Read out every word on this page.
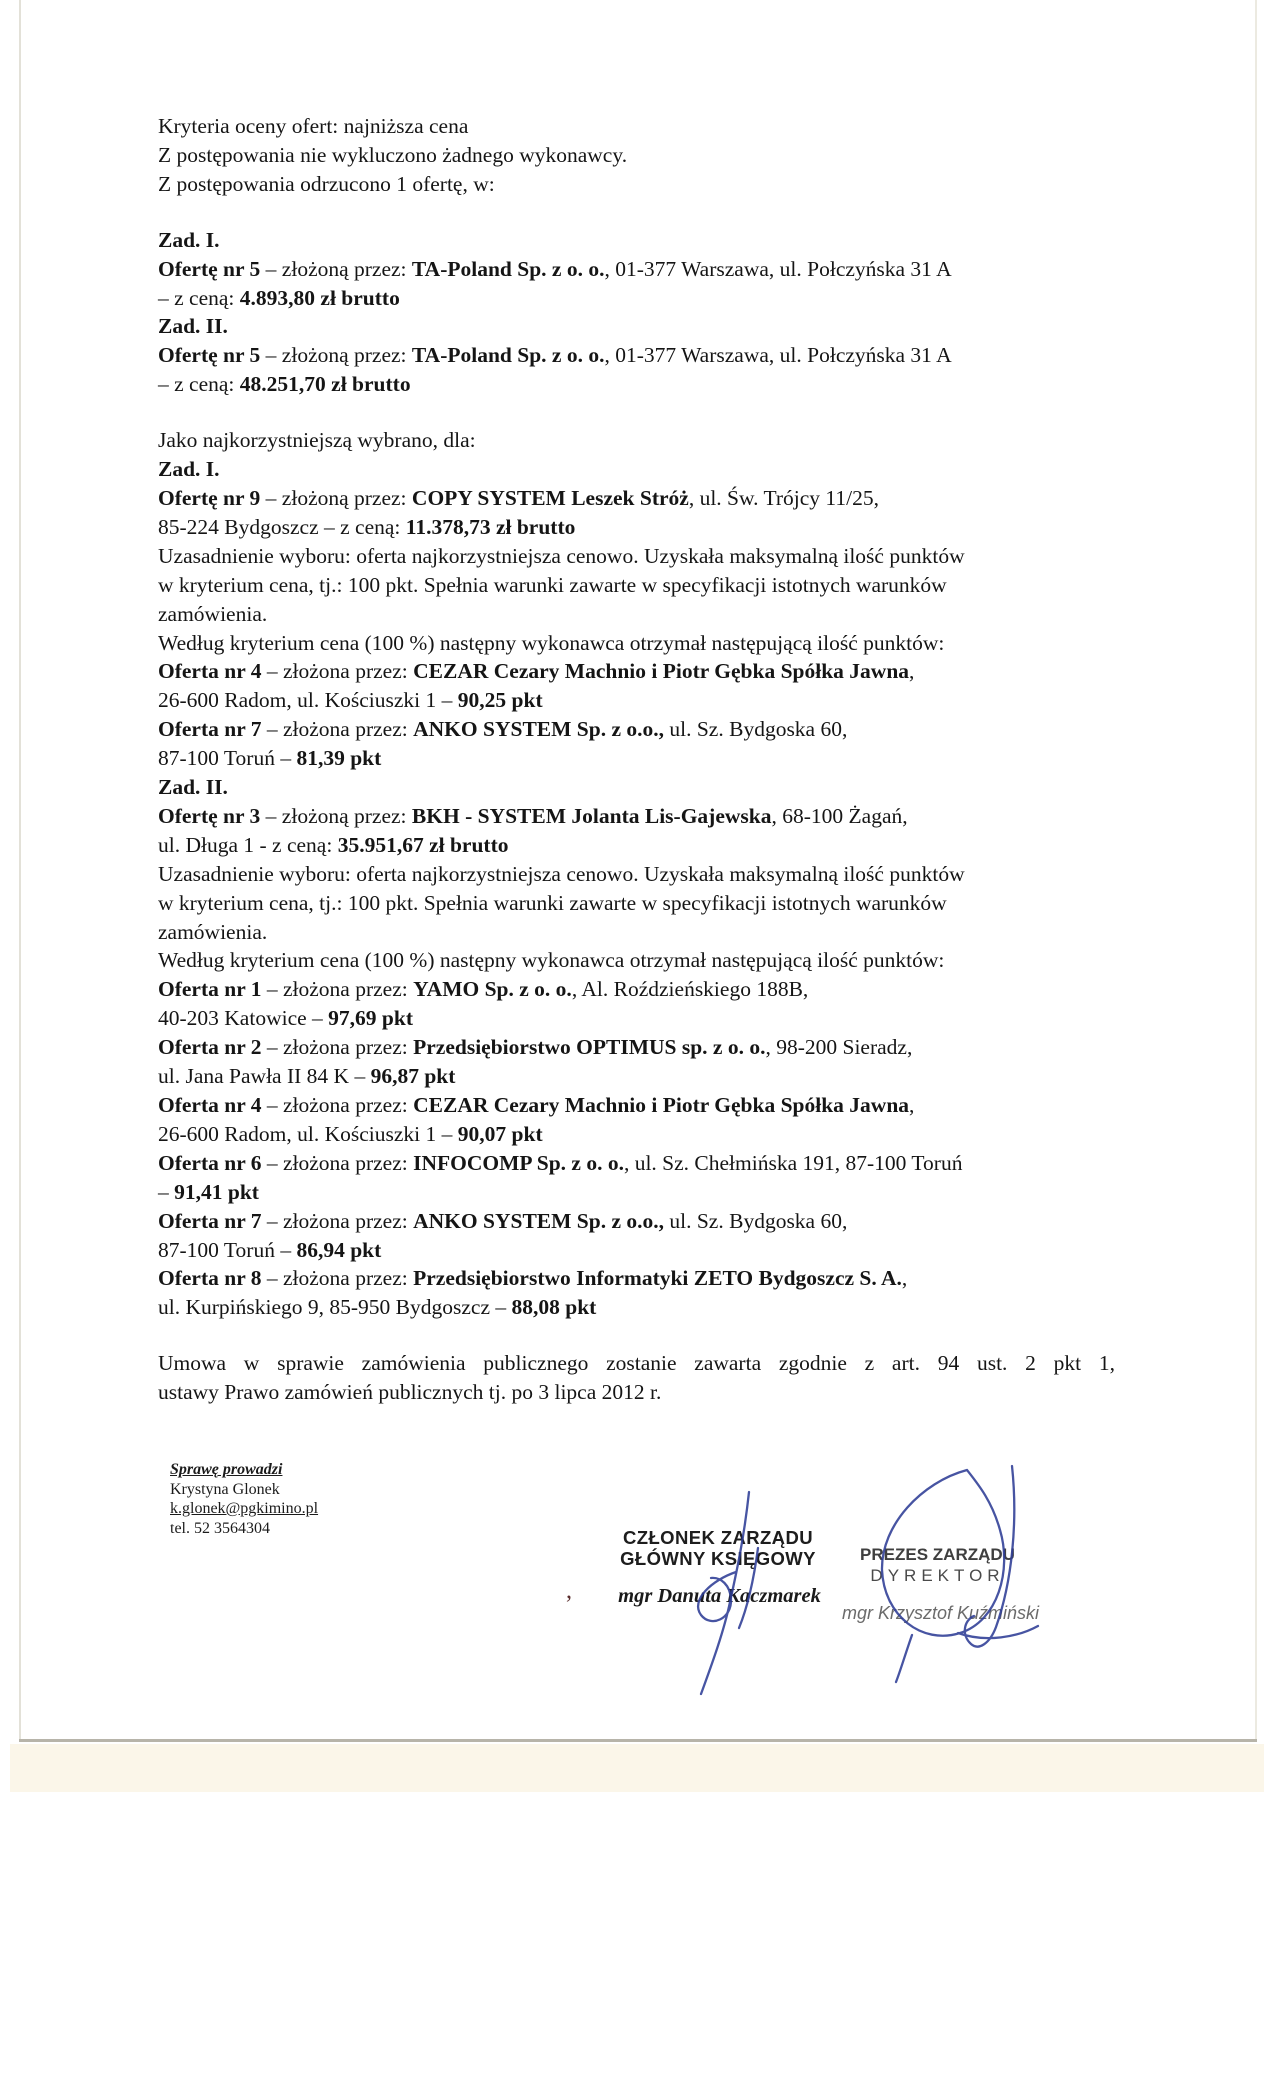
Kryteria oceny ofert: najniższa cena
Z postępowania nie wykluczono żadnego wykonawcy.
Z postępowania odrzucono 1 ofertę, w:
Zad. I.
Ofertę nr 5 – złożoną przez: TA-Poland Sp. z o. o., 01-377 Warszawa, ul. Połczyńska 31 A
– z ceną: 4.893,80 zł brutto
Zad. II.
Ofertę nr 5 – złożoną przez: TA-Poland Sp. z o. o., 01-377 Warszawa, ul. Połczyńska 31 A
– z ceną: 48.251,70 zł brutto
Jako najkorzystniejszą wybrano, dla:
Zad. I.
Ofertę nr 9 – złożoną przez: COPY SYSTEM Leszek Stróż, ul. Św. Trójcy 11/25,
85-224 Bydgoszcz – z ceną: 11.378,73 zł brutto
Uzasadnienie wyboru: oferta najkorzystniejsza cenowo. Uzyskała maksymalną ilość punktów
w kryterium cena, tj.: 100 pkt. Spełnia warunki zawarte w specyfikacji istotnych warunków
zamówienia.
Według kryterium cena (100 %) następny wykonawca otrzymał następującą ilość punktów:
Oferta nr 4 – złożona przez: CEZAR Cezary Machnio i Piotr Gębka Spółka Jawna,
26-600 Radom, ul. Kościuszki 1 – 90,25 pkt
Oferta nr 7 – złożona przez: ANKO SYSTEM Sp. z o.o., ul. Sz. Bydgoska 60,
87-100 Toruń – 81,39 pkt
Zad. II.
Ofertę nr 3 – złożoną przez: BKH - SYSTEM Jolanta Lis-Gajewska, 68-100 Żagań,
ul. Długa 1 - z ceną: 35.951,67 zł brutto
Uzasadnienie wyboru: oferta najkorzystniejsza cenowo. Uzyskała maksymalną ilość punktów
w kryterium cena, tj.: 100 pkt. Spełnia warunki zawarte w specyfikacji istotnych warunków
zamówienia.
Według kryterium cena (100 %) następny wykonawca otrzymał następującą ilość punktów:
Oferta nr 1 – złożona przez: YAMO Sp. z o. o., Al. Roździeńskiego 188B,
40-203 Katowice – 97,69 pkt
Oferta nr 2 – złożona przez: Przedsiębiorstwo OPTIMUS sp. z o. o., 98-200 Sieradz,
ul. Jana Pawła II 84 K – 96,87 pkt
Oferta nr 4 – złożona przez: CEZAR Cezary Machnio i Piotr Gębka Spółka Jawna,
26-600 Radom, ul. Kościuszki 1 – 90,07 pkt
Oferta nr 6 – złożona przez: INFOCOMP Sp. z o. o., ul. Sz. Chełmińska 191, 87-100 Toruń
– 91,41 pkt
Oferta nr 7 – złożona przez: ANKO SYSTEM Sp. z o.o., ul. Sz. Bydgoska 60,
87-100 Toruń – 86,94 pkt
Oferta nr 8 – złożona przez: Przedsiębiorstwo Informatyki ZETO Bydgoszcz S. A.,
ul. Kurpińskiego 9, 85-950 Bydgoszcz – 88,08 pkt
Umowa w sprawie zamówienia publicznego zostanie zawarta zgodnie z art. 94 ust. 2 pkt 1,
ustawy Prawo zamówień publicznych tj. po 3 lipca 2012 r.
Sprawę prowadzi
Krystyna Glonek
k.glonek@pgkimino.pl
tel. 52 3564304	CZŁONEK ZARZĄDU
GŁÓWNY KSIĘGOWY
mgr Danuta Kaczmarek
PREZES ZARZĄDU
DYREKTOR
mgr Krzysztof Kuźmiński
,
